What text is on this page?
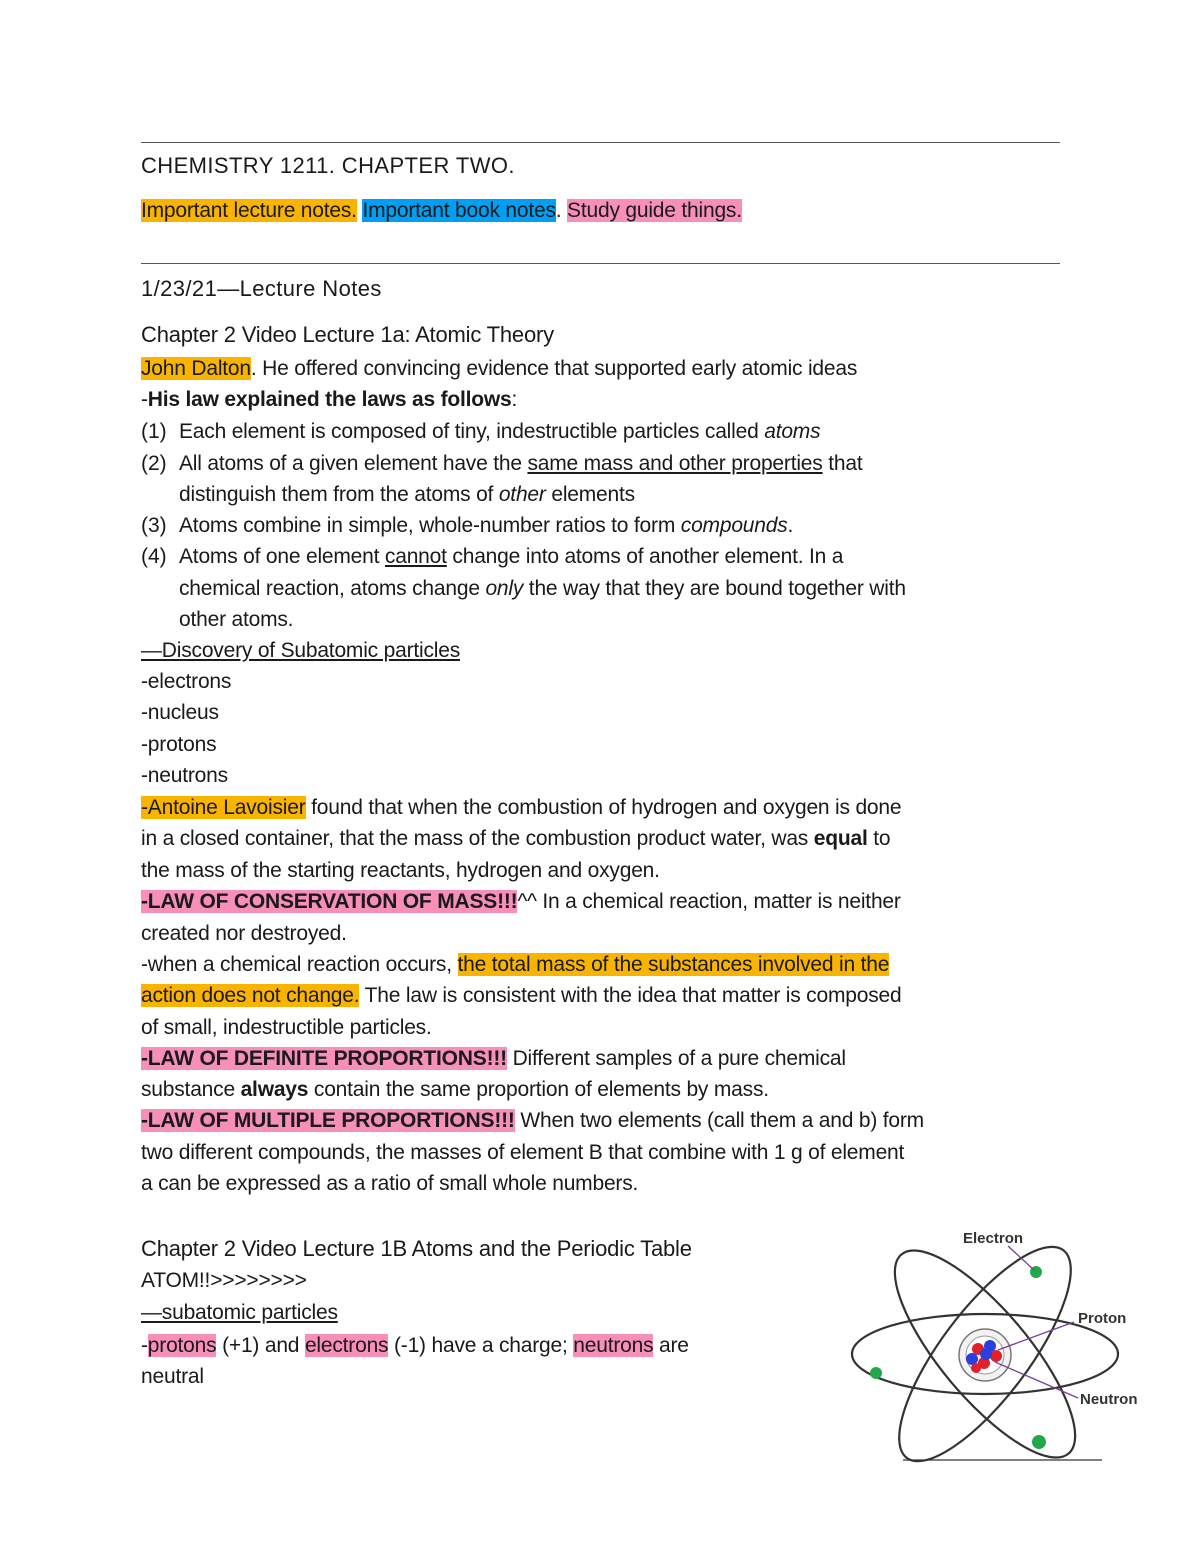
CHEMISTRY 1211. CHAPTER TWO.
Important lecture notes. Important book notes. Study guide things.
1/23/21—Lecture Notes
Chapter 2 Video Lecture 1a: Atomic Theory
John Dalton. He offered convincing evidence that supported early atomic ideas
-His law explained the laws as follows:
(1) Each element is composed of tiny, indestructible particles called atoms
(2) All atoms of a given element have the same mass and other properties that
distinguish them from the atoms of other elements
(3) Atoms combine in simple, whole-number ratios to form compounds.
(4) Atoms of one element cannot change into atoms of another element. In a
chemical reaction, atoms change only the way that they are bound together with
other atoms.
—Discovery of Subatomic particles
-electrons
-nucleus
-protons
-neutrons
-Antoine Lavoisier found that when the combustion of hydrogen and oxygen is done
in a closed container, that the mass of the combustion product water, was equal to
the mass of the starting reactants, hydrogen and oxygen.
-LAW OF CONSERVATION OF MASS!!!^^ In a chemical reaction, matter is neither
created nor destroyed.
-when a chemical reaction occurs, the total mass of the substances involved in the
action does not change. The law is consistent with the idea that matter is composed
of small, indestructible particles.
-LAW OF DEFINITE PROPORTIONS!!! Different samples of a pure chemical
substance always contain the same proportion of elements by mass.
-LAW OF MULTIPLE PROPORTIONS!!! When two elements (call them a and b) form
two different compounds, the masses of element B that combine with 1 g of element
a can be expressed as a ratio of small whole numbers.
Chapter 2 Video Lecture 1B Atoms and the Periodic Table
ATOM!!>>>>>>>>
—subatomic particles
-protons (+1) and electrons (-1) have a charge; neutrons are
neutral
Electron
Proton
Neutron
